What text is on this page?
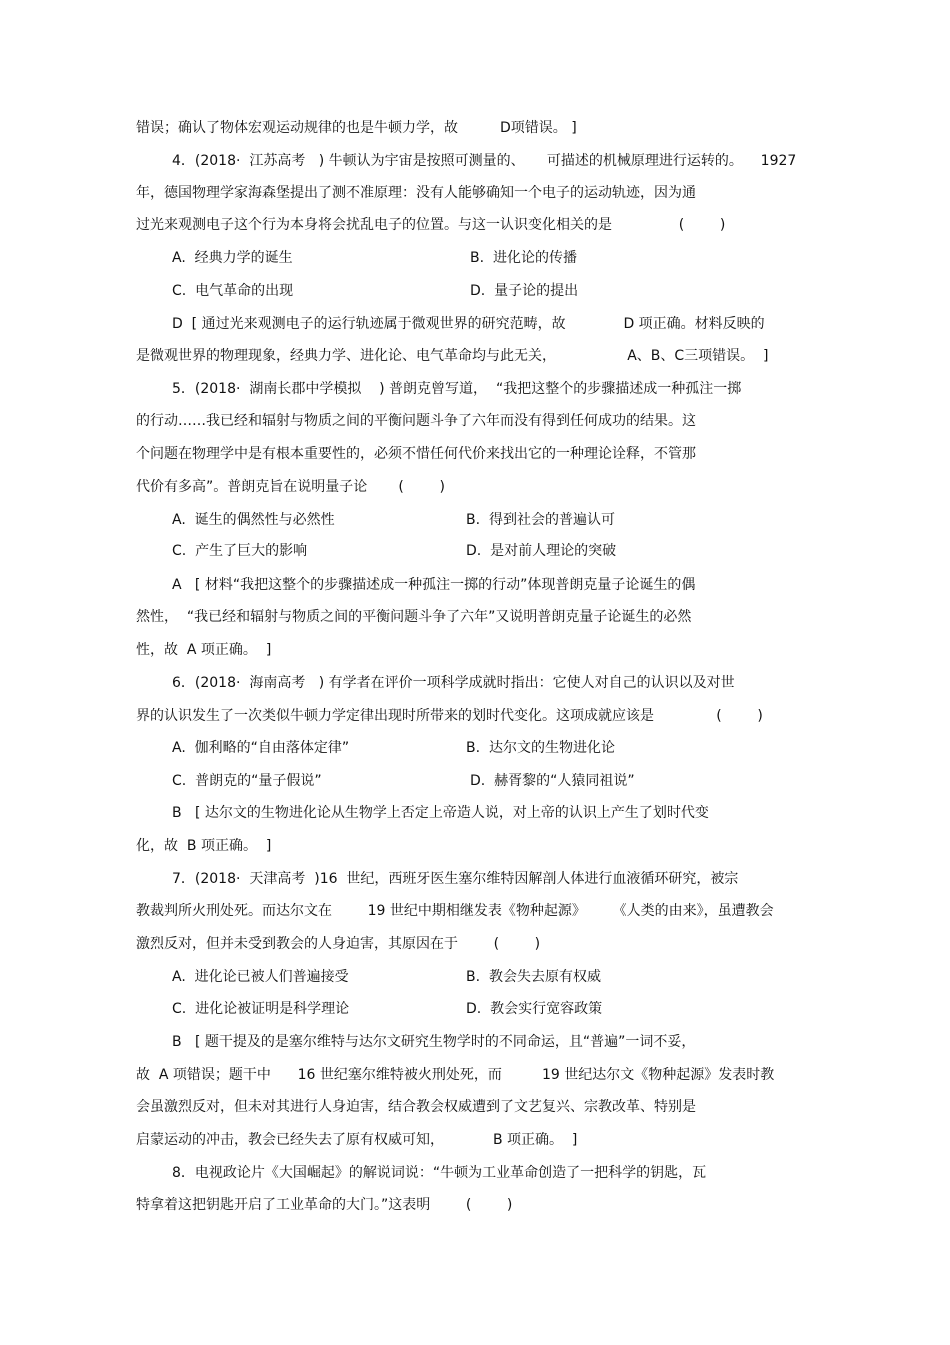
错误；确认了物体宏观运动规律的也是牛顿力学，故　　　D项错误。 ]
4．(2018·  江苏高考   ) 牛顿认为宇宙是按照可测量的、     可描述的机械原理进行运转的。    1927
年，德国物理学家海森堡提出了测不准原理：没有人能够确知一个电子的运动轨迹，因为通
过光来观测电子这个行为本身将会扰乱电子的位置。与这一认识变化相关的是               (        )
A.  经典力学的诞生	B.  进化论的传播
C.  电气革命的出现	D.  量子论的提出
D  [ 通过光来观测电子的运行轨迹属于微观世界的研究范畴，故             D 项正确。材料反映的
是微观世界的物理现象，经典力学、进化论、电气革命均与此无关，                A、B、C三项错误。  ]
5．(2018·  湖南长郡中学模拟    ) 普朗克曾写道，  “我把这整个的步骤描述成一种孤注一掷
的行动……我已经和辐射与物质之间的平衡问题斗争了六年而没有得到任何成功的结果。这
个问题在物理学中是有根本重要性的，必须不惜任何代价来找出它的一种理论诠释，不管那
代价有多高”。普朗克旨在说明量子论       (        )
A.  诞生的偶然性与必然性	B.  得到社会的普遍认可
C.  产生了巨大的影响	D.  是对前人理论的突破
A   [ 材料“我把这整个的步骤描述成一种孤注一掷的行动”体现普朗克量子论诞生的偶
然性，  “我已经和辐射与物质之间的平衡问题斗争了六年”又说明普朗克量子论诞生的必然
性，故  A 项正确。  ]
6．(2018·  海南高考   ) 有学者在评价一项科学成就时指出：它使人对自己的认识以及对世
界的认识发生了一次类似牛顿力学定律出现时所带来的划时代变化。这项成就应该是              (        )
A.  伽利略的“自由落体定律”	B.  达尔文的生物进化论
C.  普朗克的“量子假说”	D.  赫胥黎的“人猿同祖说”
B   [ 达尔文的生物进化论从生物学上否定上帝造人说，对上帝的认识上产生了划时代变
化，故  B 项正确。  ]
7．(2018·  天津高考  )16  世纪，西班牙医生塞尔维特因解剖人体进行血液循环研究，被宗
教裁判所火刑处死。而达尔文在        19 世纪中期相继发表《物种起源》      《人类的由来》，虽遭教会
激烈反对，但并未受到教会的人身迫害，其原因在于        (        )
A.  进化论已被人们普遍接受	B.  教会失去原有权威
C.  进化论被证明是科学理论	D.  教会实行宽容政策
B   [ 题干提及的是塞尔维特与达尔文研究生物学时的不同命运，且“普遍”一词不妥，
故  A 项错误；题干中      16 世纪塞尔维特被火刑处死，而         19 世纪达尔文《物种起源》发表时教
会虽激烈反对，但未对其进行人身迫害，结合教会权威遭到了文艺复兴、宗教改革、特别是
启蒙运动的冲击，教会已经失去了原有权威可知，           B 项正确。  ]
8．电视政论片《大国崛起》的解说词说：“牛顿为工业革命创造了一把科学的钥匙，瓦
特拿着这把钥匙开启了工业革命的大门。”这表明        (        )
